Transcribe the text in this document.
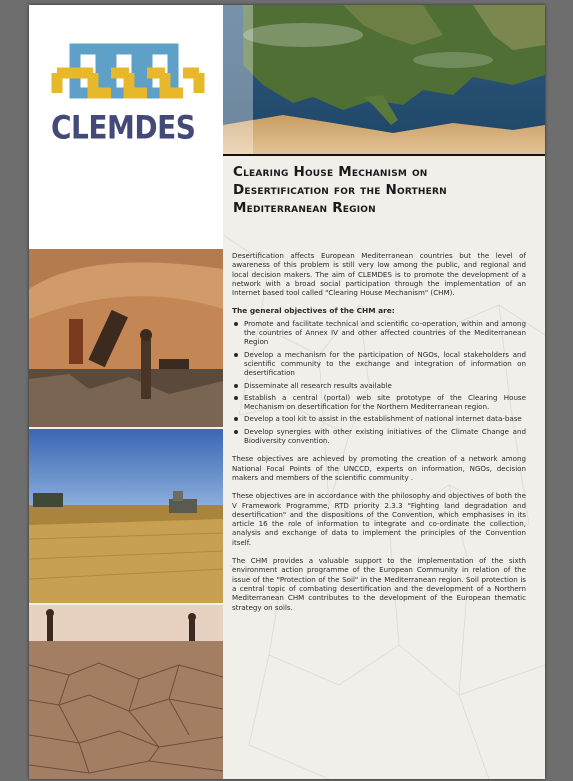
CLEMDES
Clearing House Mechanism on
Desertification for the Northern
Mediterranean Region

Desertification affects European Mediterranean countries but the level of awareness of this problem is still very low among the public, and regional and local decision makers. The aim of CLEMDES is to promote the development of a network with a broad social participation through the implementation of an Internet based tool called "Clearing House Mechanism" (CHM).

The general objectives of the CHM are:
Promote and facilitate technical and scientific co-operation, within and among the countries of Annex IV and other affected countries of the Mediterranean Region
Develop a mechanism for the participation of NGOs, local stakeholders and scientific community to the exchange and integration of information on desertification
Disseminate all research results available
Establish a central (portal) web site prototype of the Clearing House Mechanism on desertification for the Northern Mediterranean region.
Develop a tool kit to assist in the establishment of national internet data-base
Develop synergies with other existing initiatives of the Climate Change and Biodiversity convention.

These objectives are achieved by promoting the creation of a network among National Focal Points of the UNCCD, experts on information, NGOs, decision makers and members of the scientific community .

These objectives are in accordance with the philosophy and objectives of both the V Framework Programme, RTD priority 2.3.3 "Fighting land degradation and desertification" and the dispositions of the Convention, which emphasises in its article 16 the role of information to integrate and co-ordinate the collection, analysis and exchange of data to implement the principles of the Convention itself.

The CHM provides a valuable support to the implementation of the sixth environment action programme of the European Community in relation of the issue of the "Protection of the Soil" in the Mediterranean region. Soil protection is a central topic of combating desertification and the development of a Northern Mediterranean CHM contributes to the development of the European thematic strategy on soils.
